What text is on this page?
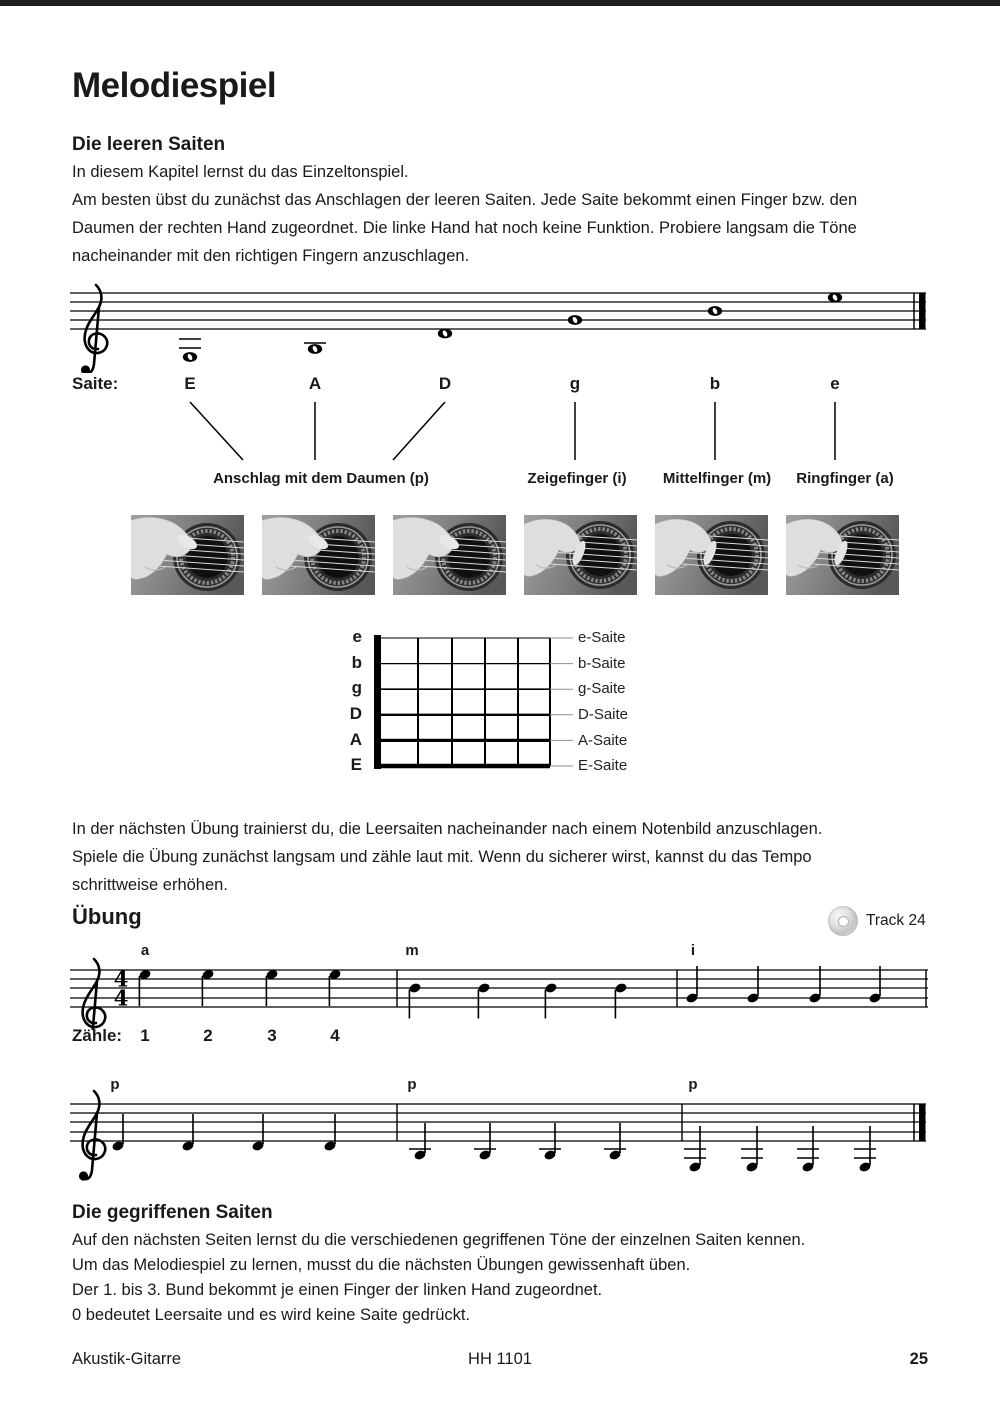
Melodiespiel
Die leeren Saiten
In diesem Kapitel lernst du das Einzeltonspiel.
Am besten übst du zunächst das Anschlagen der leeren Saiten. Jede Saite bekommt einen Finger bzw. den
Daumen der rechten Hand zugeordnet. Die linke Hand hat noch keine Funktion. Probiere langsam die Töne
nacheinander mit den richtigen Fingern anzuschlagen.
Saite:	E	A	D	g	b	e
Anschlag mit dem Daumen (p)	Zeigefinger (i)	Mittelfinger (m)	Ringfinger (a)
e
b
g
D
A
E
e-Saite
b-Saite
g-Saite
D-Saite
A-Saite
E-Saite
In der nächsten Übung trainierst du, die Leersaiten nacheinander nach einem Notenbild anzuschlagen.
Spiele die Übung zunächst langsam und zähle laut mit. Wenn du sicherer wirst, kannst du das Tempo
schrittweise erhöhen.
Übung	Track 24
a	m	i
4
4
Zähle:	1	2	3	4
p	p	p
Die gegriffenen Saiten
Auf den nächsten Seiten lernst du die verschiedenen gegriffenen Töne der einzelnen Saiten kennen.
Um das Melodiespiel zu lernen, musst du die nächsten Übungen gewissenhaft üben.
Der 1. bis 3. Bund bekommt je einen Finger der linken Hand zugeordnet.
0 bedeutet Leersaite und es wird keine Saite gedrückt.
Akustik-Gitarre	HH 1101	25
